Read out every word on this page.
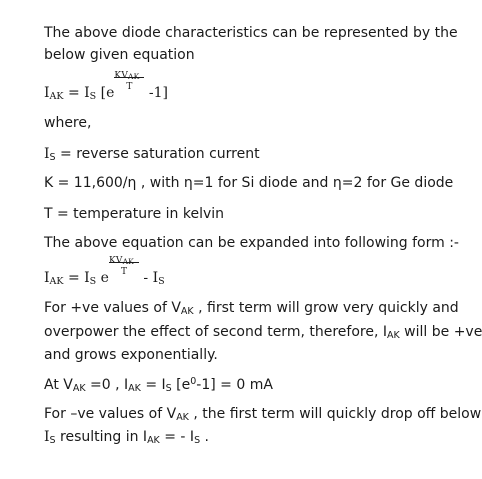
The above diode characteristics can be represented by the
below given equation
$I_{AK} = I_S$ [e
$KV_{AK}$
T -1]
where,
$I_S$ = reverse saturation current
K = 11,600/η , with η=1 for Si diode and η=2 for Ge diode
T = temperature in kelvin
The above equation can be expanded into following form :-
$I_{AK} = I_S$ e
$KV_{AK}$
T - $I_S$
For +ve values of $V_{AK}$ , first term will grow very quickly and
overpower the effect of second term, therefore, $I_{AK}$ will be +ve
and grows exponentially.
At $V_{AK} =0$ , $I_{AK} = I_S$ $[e^0-1] = 0$ mA
For –ve values of $V_{AK}$ , the first term will quickly drop off below
$I_S$ resulting in $I_{AK}$ = - $I_S$ .
